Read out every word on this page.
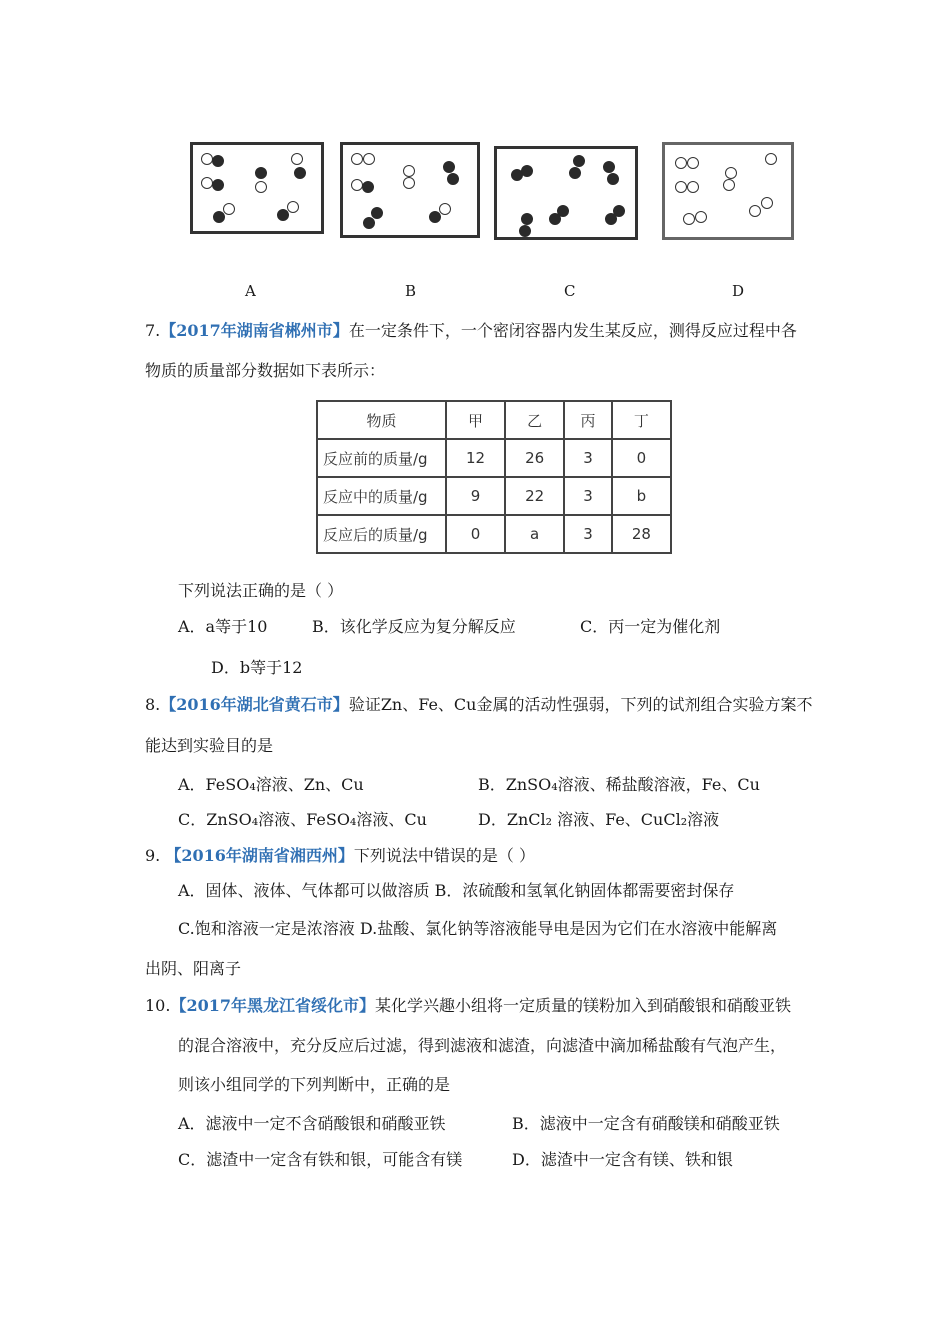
A	B	C	D
7.【2017年湖南省郴州市】在一定条件下，一个密闭容器内发生某反应，测得反应过程中各
物质的质量部分数据如下表所示：
物质	甲	乙	丙	丁
反应前的质量/g	12	26	3	0
反应中的质量/g	9	22	3	b
反应后的质量/g	0	a	3	28
下列说法正确的是（ ）
A．a等于10	B．该化学反应为复分解反应	C．丙一定为催化剂
D．b等于12
8.【2016年湖北省黄石市】验证Zn、Fe、Cu金属的活动性强弱，下列的试剂组合实验方案不
能达到实验目的是
A．FeSO₄溶液、Zn、Cu	B．ZnSO₄溶液、稀盐酸溶液，Fe、Cu
C．ZnSO₄溶液、FeSO₄溶液、Cu	D．ZnCl₂ 溶液、Fe、CuCl₂溶液
9. 【2016年湖南省湘西州】下列说法中错误的是（ ）
A．固体、液体、气体都可以做溶质 B．浓硫酸和氢氧化钠固体都需要密封保存
C.饱和溶液一定是浓溶液 D.盐酸、氯化钠等溶液能导电是因为它们在水溶液中能解离
出阴、阳离子
10.【2017年黑龙江省绥化市】某化学兴趣小组将一定质量的镁粉加入到硝酸银和硝酸亚铁
的混合溶液中，充分反应后过滤，得到滤液和滤渣，向滤渣中滴加稀盐酸有气泡产生，
则该小组同学的下列判断中，正确的是
A．滤液中一定不含硝酸银和硝酸亚铁	B．滤液中一定含有硝酸镁和硝酸亚铁
C．滤渣中一定含有铁和银，可能含有镁	D．滤渣中一定含有镁、铁和银
